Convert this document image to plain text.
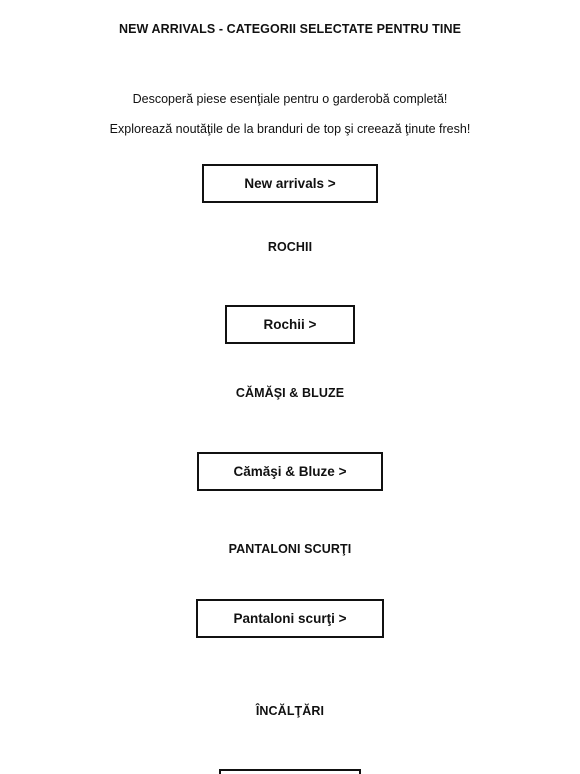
NEW ARRIVALS - CATEGORII SELECTATE PENTRU TINE
Descoperă piese esenţiale pentru o garderobă completă!
Explorează noutăţile de la branduri de top şi creează ţinute fresh!
New arrivals >
ROCHII
Rochii >
CĂMĂŞI & BLUZE
Cămăşi & Bluze >
PANTALONI SCURŢI
Pantaloni scurţi >
ÎNCĂLŢĂRI
